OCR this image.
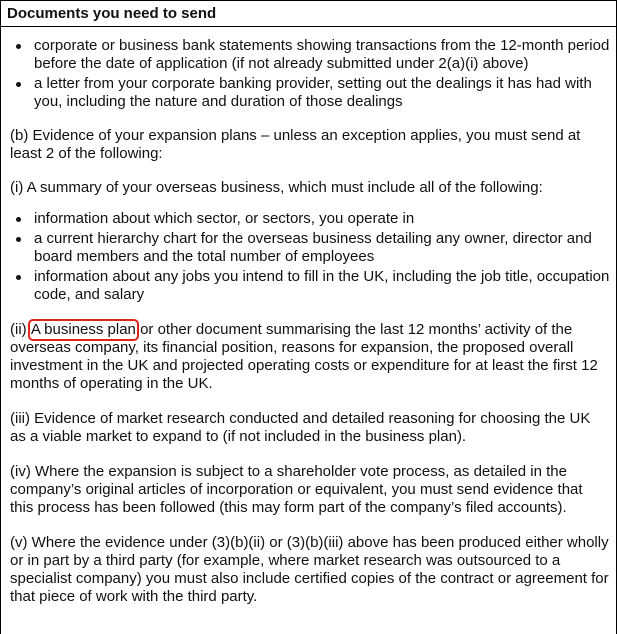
Documents you need to send
corporate or business bank statements showing transactions from the 12-month period before the date of application (if not already submitted under 2(a)(i) above)
a letter from your corporate banking provider, setting out the dealings it has had with you, including the nature and duration of those dealings

(b) Evidence of your expansion plans – unless an exception applies, you must send at least 2 of the following:

(i) A summary of your overseas business, which must include all of the following:

information about which sector, or sectors, you operate in
a current hierarchy chart for the overseas business detailing any owner, director and board members and the total number of employees
information about any jobs you intend to fill in the UK, including the job title, occupation code, and salary

(ii) A business plan or other document summarising the last 12 months’ activity of the overseas company, its financial position, reasons for expansion, the proposed overall investment in the UK and projected operating costs or expenditure for at least the first 12 months of operating in the UK.

(iii) Evidence of market research conducted and detailed reasoning for choosing the UK as a viable market to expand to (if not included in the business plan).

(iv) Where the expansion is subject to a shareholder vote process, as detailed in the company’s original articles of incorporation or equivalent, you must send evidence that this process has been followed (this may form part of the company’s filed accounts).

(v) Where the evidence under (3)(b)(ii) or (3)(b)(iii) above has been produced either wholly or in part by a third party (for example, where market research was outsourced to a specialist company) you must also include certified copies of the contract or agreement for that piece of work with the third party.
